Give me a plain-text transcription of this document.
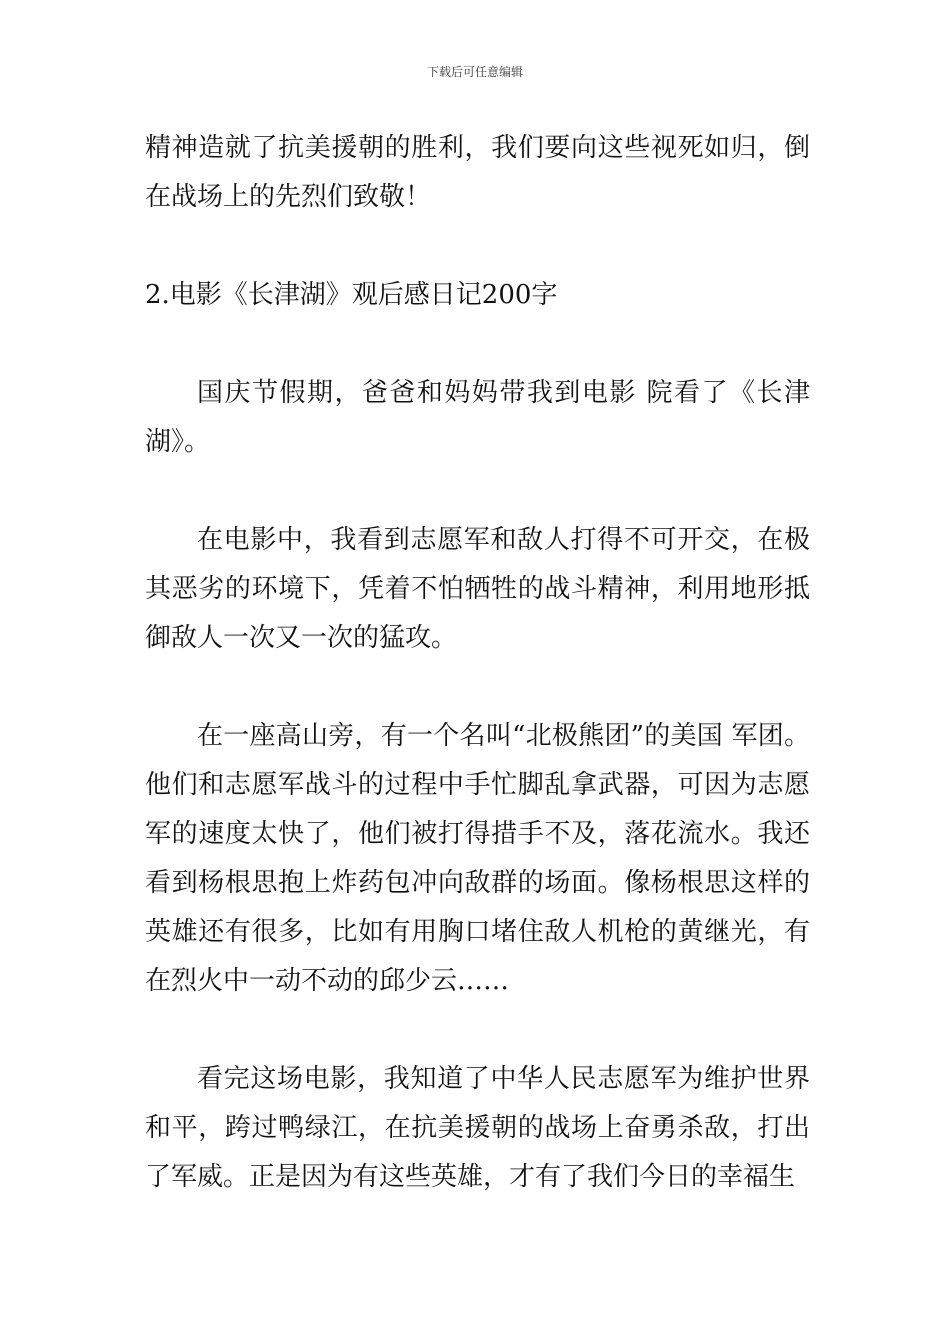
下载后可任意编辑

精神造就了抗美援朝的胜利，我们要向这些视死如归，倒在战场上的先烈们致敬！

2.电影《长津湖》观后感日记200字

国庆节假期，爸爸和妈妈带我到电影 院看了《长津湖》。

在电影中，我看到志愿军和敌人打得不可开交，在极其恶劣的环境下，凭着不怕牺牲的战斗精神，利用地形抵御敌人一次又一次的猛攻。

在一座高山旁，有一个名叫“北极熊团”的美国 军团。他们和志愿军战斗的过程中手忙脚乱拿武器，可因为志愿军的速度太快了，他们被打得措手不及，落花流水。我还看到杨根思抱上炸药包冲向敌群的场面。像杨根思这样的英雄还有很多，比如有用胸口堵住敌人机枪的黄继光，有在烈火中一动不动的邱少云……

看完这场电影，我知道了中华人民志愿军为维护世界和平，跨过鸭绿江，在抗美援朝的战场上奋勇杀敌，打出了军威。正是因为有这些英雄，才有了我们今日的幸福生
